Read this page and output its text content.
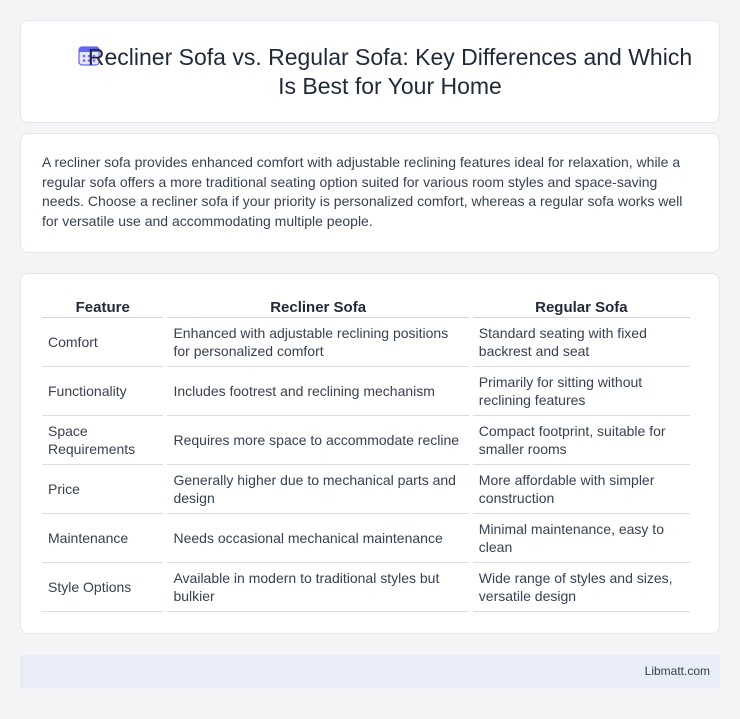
Recliner Sofa vs. Regular Sofa: Key Differences and Which Is Best for Your Home

A recliner sofa provides enhanced comfort with adjustable reclining features ideal for relaxation, while a regular sofa offers a more traditional seating option suited for various room styles and space-saving needs. Choose a recliner sofa if your priority is personalized comfort, whereas a regular sofa works well for versatile use and accommodating multiple people.

Feature	Recliner Sofa	Regular Sofa
Comfort	Enhanced with adjustable reclining positions for personalized comfort	Standard seating with fixed backrest and seat
Functionality	Includes footrest and reclining mechanism	Primarily for sitting without reclining features
Space Requirements	Requires more space to accommodate recline	Compact footprint, suitable for smaller rooms
Price	Generally higher due to mechanical parts and design	More affordable with simpler construction
Maintenance	Needs occasional mechanical maintenance	Minimal maintenance, easy to clean
Style Options	Available in modern to traditional styles but bulkier	Wide range of styles and sizes, versatile design
Libmatt.com
